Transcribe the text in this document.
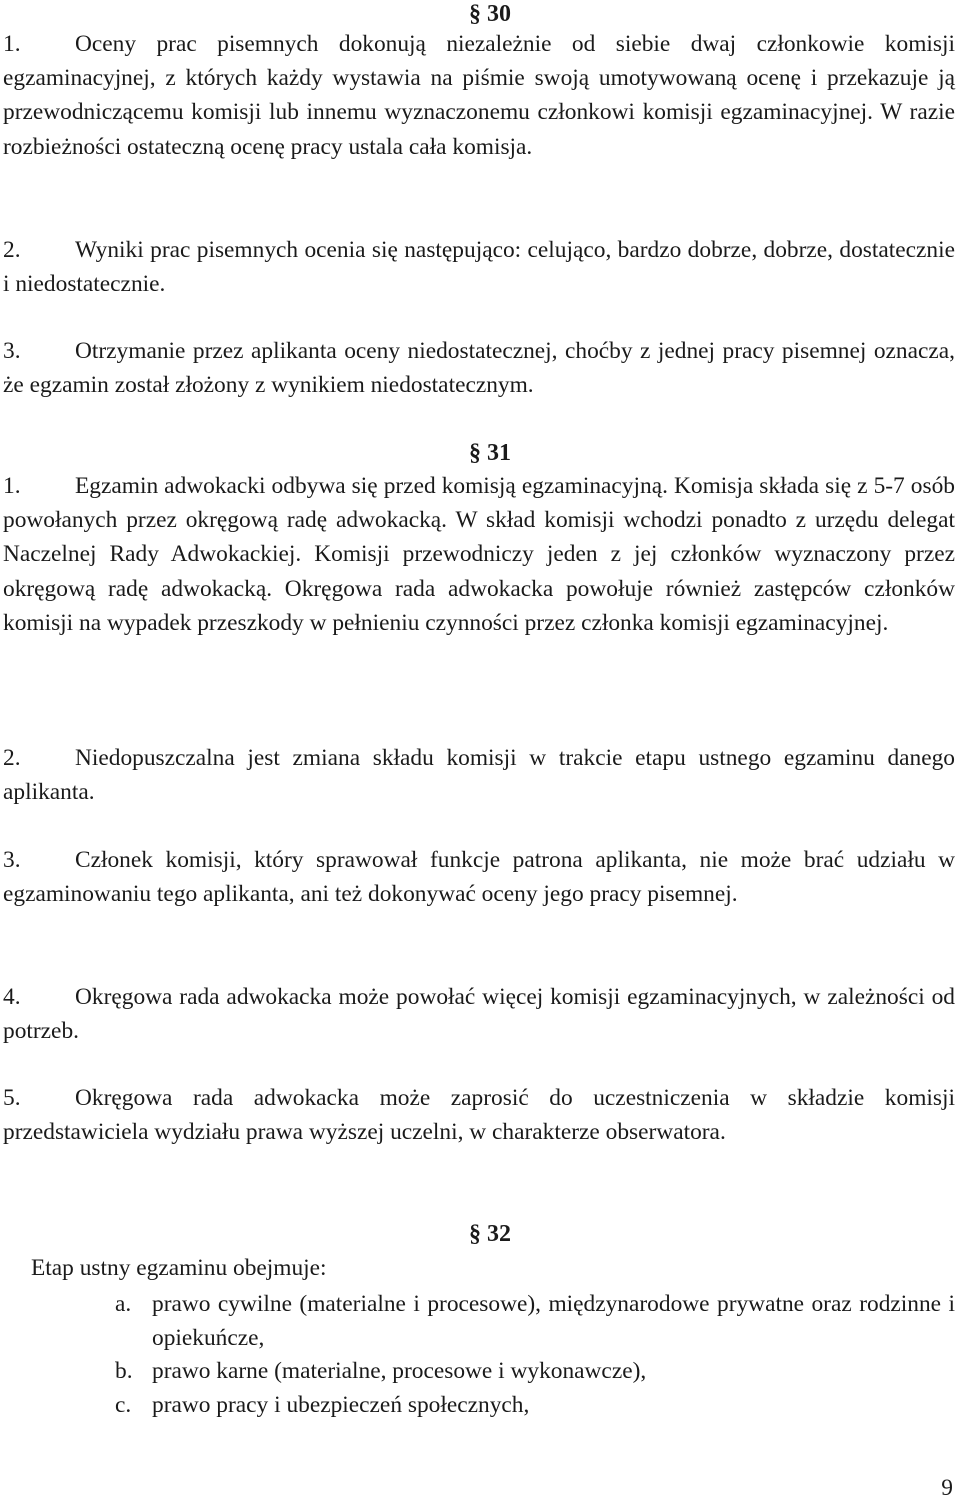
§ 30
1. Oceny prac pisemnych dokonują niezależnie od siebie dwaj członkowie komisji egzaminacyjnej, z których każdy wystawia na piśmie swoją umotywowaną ocenę i przekazuje ją przewodniczącemu komisji lub innemu wyznaczonemu członkowi komisji egzaminacyjnej. W razie rozbieżności ostateczną ocenę pracy ustala cała komisja.
2. Wyniki prac pisemnych ocenia się następująco: celująco, bardzo dobrze, dobrze, dostatecznie i niedostatecznie.
3. Otrzymanie przez aplikanta oceny niedostatecznej, choćby z jednej pracy pisemnej oznacza, że egzamin został złożony z wynikiem niedostatecznym.
§ 31
1. Egzamin adwokacki odbywa się przed komisją egzaminacyjną. Komisja składa się z 5-7 osób powołanych przez okręgową radę adwokacką. W skład komisji wchodzi ponadto z urzędu delegat Naczelnej Rady Adwokackiej. Komisji przewodniczy jeden z jej członków wyznaczony przez okręgową radę adwokacką. Okręgowa rada adwokacka powołuje również zastępców członków komisji na wypadek przeszkody w pełnieniu czynności przez członka komisji egzaminacyjnej.
2. Niedopuszczalna jest zmiana składu komisji w trakcie etapu ustnego egzaminu danego aplikanta.
3. Członek komisji, który sprawował funkcje patrona aplikanta, nie może brać udziału w egzaminowaniu tego aplikanta, ani też dokonywać oceny jego pracy pisemnej.
4. Okręgowa rada adwokacka może powołać więcej komisji egzaminacyjnych, w zależności od potrzeb.
5. Okręgowa rada adwokacka może zaprosić do uczestniczenia w składzie komisji przedstawiciela wydziału prawa wyższej uczelni, w charakterze obserwatora.
§ 32
Etap ustny egzaminu obejmuje:
a. prawo cywilne (materialne i procesowe), międzynarodowe prywatne oraz rodzinne i opiekuńcze,
b. prawo karne (materialne, procesowe i wykonawcze),
c. prawo pracy i ubezpieczeń społecznych,
9
